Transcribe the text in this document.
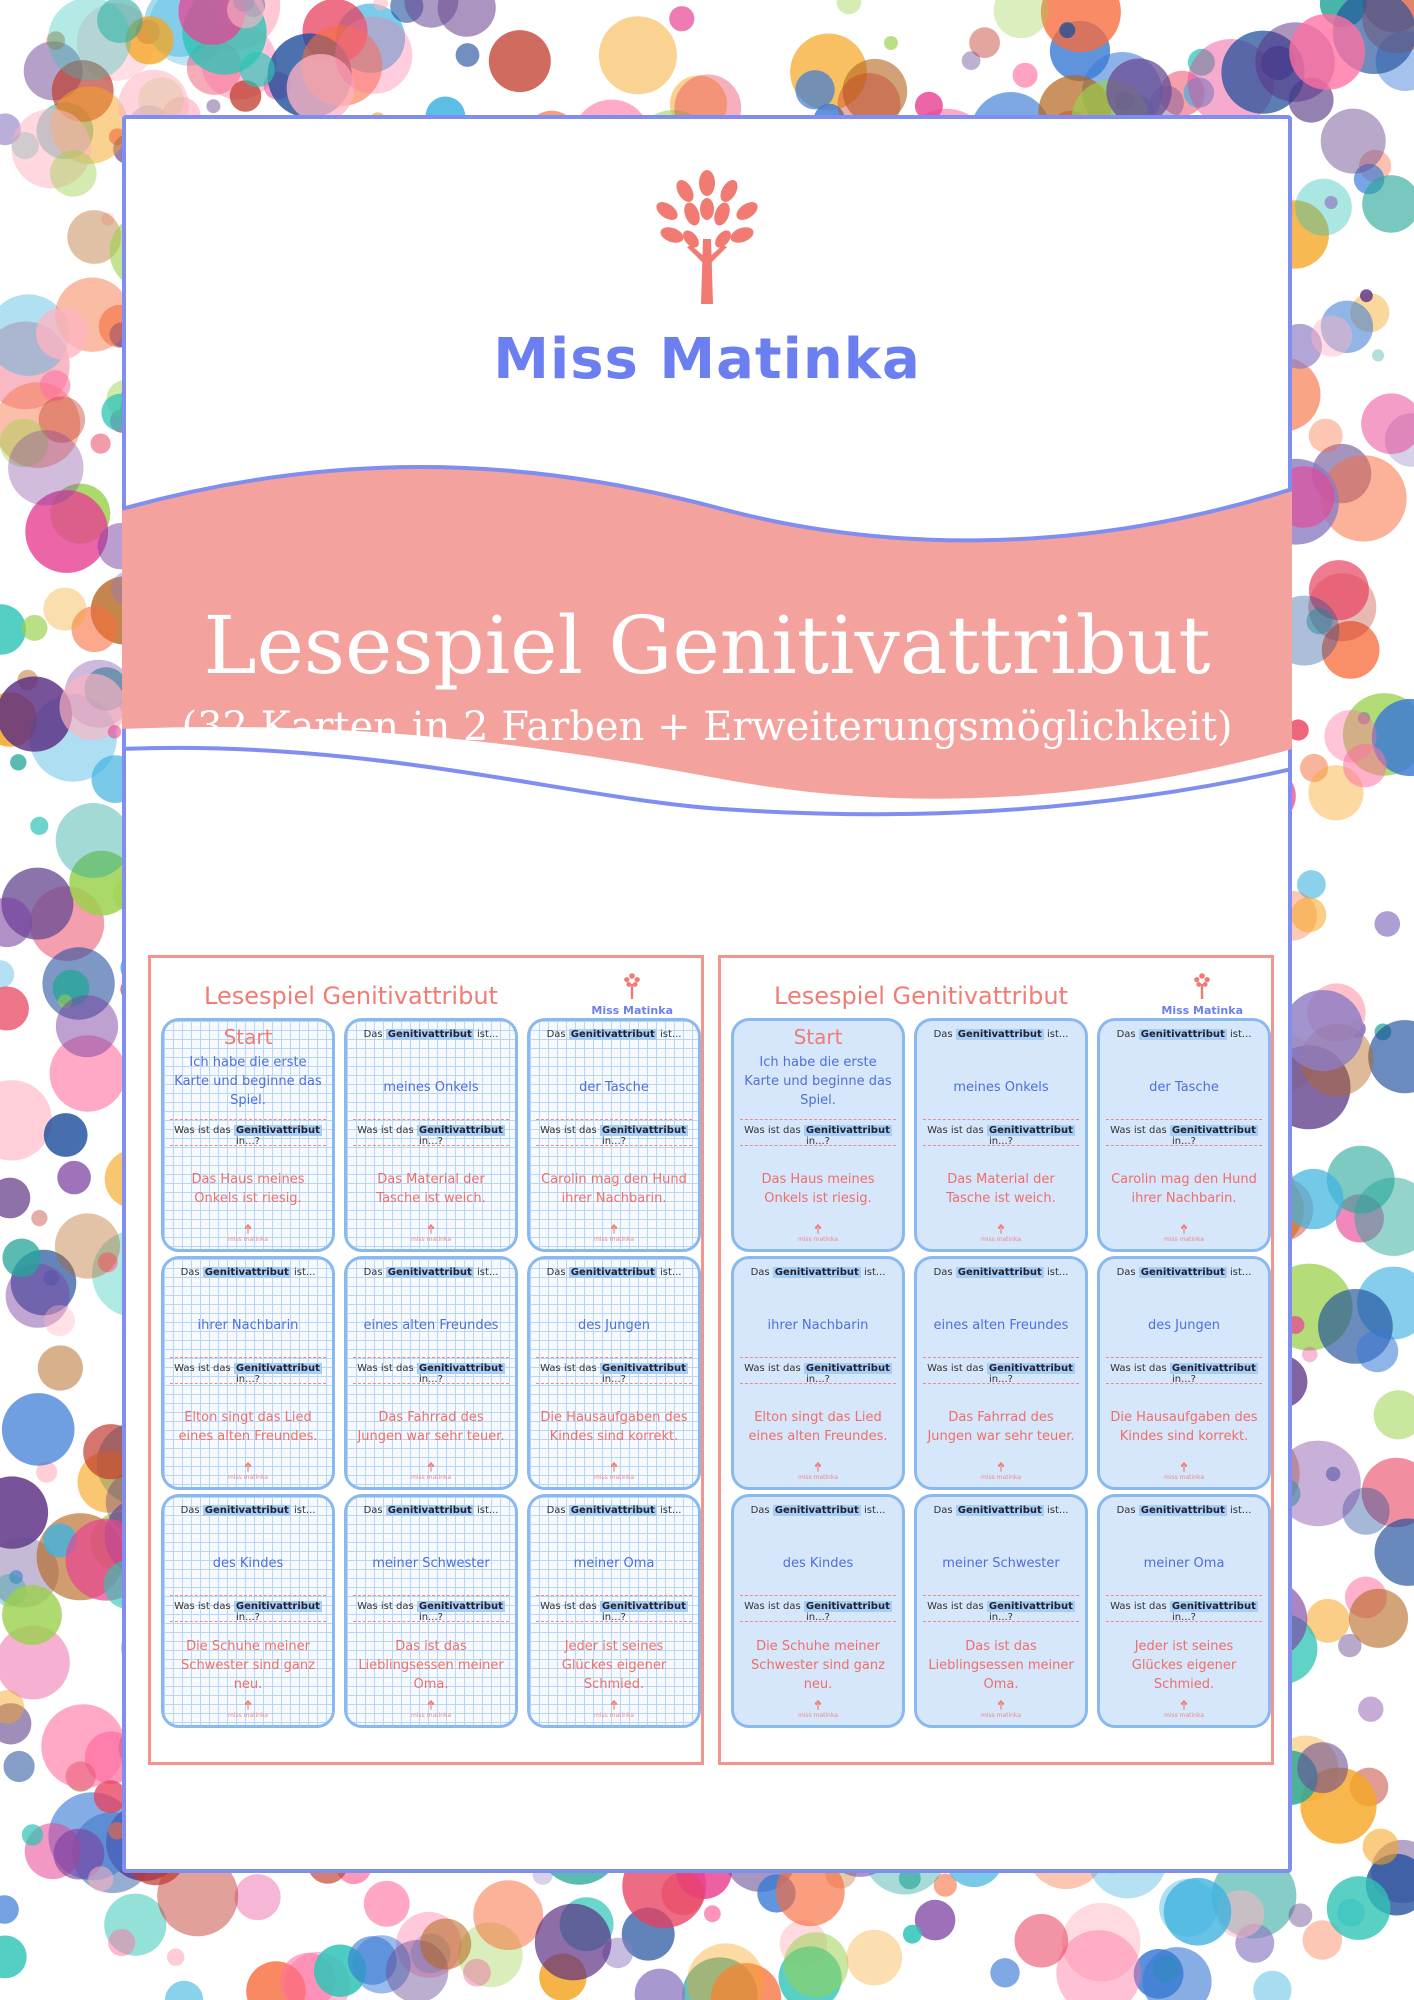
Miss Matinka
Lesespiel Genitivattribut
(32 Karten in 2 Farben + Erweiterungsmöglichkeit)
Lesespiel Genitivattribut
Miss Matinka
Start
Ich habe die erste Karte und beginne das Spiel.
Was ist das Genitivattribut in...?
Das Haus meines Onkels ist riesig.

miss matinka
Das Genitivattribut ist...
meines Onkels
Was ist das Genitivattribut in...?
Das Material der Tasche ist weich.

miss matinka
Das Genitivattribut ist...
der Tasche
Was ist das Genitivattribut in...?
Carolin mag den Hund ihrer Nachbarin.

miss matinka
Das Genitivattribut ist...
ihrer Nachbarin
Was ist das Genitivattribut in...?
Elton singt das Lied eines alten Freundes.

miss matinka
Das Genitivattribut ist...
eines alten Freundes
Was ist das Genitivattribut in...?
Das Fahrrad des Jungen war sehr teuer.

miss matinka
Das Genitivattribut ist...
des Jungen
Was ist das Genitivattribut in...?
Die Hausaufgaben des Kindes sind korrekt.

miss matinka
Das Genitivattribut ist...
des Kindes
Was ist das Genitivattribut in...?
Die Schuhe meiner Schwester sind ganz neu.

miss matinka
Das Genitivattribut ist...
meiner Schwester
Was ist das Genitivattribut in...?
Das ist das Lieblingsessen meiner Oma.

miss matinka
Das Genitivattribut ist...
meiner Oma
Was ist das Genitivattribut in...?
Jeder ist seines Glückes eigener Schmied.

miss matinka
Lesespiel Genitivattribut
Miss Matinka
Start
Ich habe die erste Karte und beginne das Spiel.
Was ist das Genitivattribut in...?
Das Haus meines Onkels ist riesig.

miss matinka
Das Genitivattribut ist...
meines Onkels
Was ist das Genitivattribut in...?
Das Material der Tasche ist weich.

miss matinka
Das Genitivattribut ist...
der Tasche
Was ist das Genitivattribut in...?
Carolin mag den Hund ihrer Nachbarin.

miss matinka
Das Genitivattribut ist...
ihrer Nachbarin
Was ist das Genitivattribut in...?
Elton singt das Lied eines alten Freundes.

miss matinka
Das Genitivattribut ist...
eines alten Freundes
Was ist das Genitivattribut in...?
Das Fahrrad des Jungen war sehr teuer.

miss matinka
Das Genitivattribut ist...
des Jungen
Was ist das Genitivattribut in...?
Die Hausaufgaben des Kindes sind korrekt.

miss matinka
Das Genitivattribut ist...
des Kindes
Was ist das Genitivattribut in...?
Die Schuhe meiner Schwester sind ganz neu.

miss matinka
Das Genitivattribut ist...
meiner Schwester
Was ist das Genitivattribut in...?
Das ist das Lieblingsessen meiner Oma.

miss matinka
Das Genitivattribut ist...
meiner Oma
Was ist das Genitivattribut in...?
Jeder ist seines Glückes eigener Schmied.

miss matinka
